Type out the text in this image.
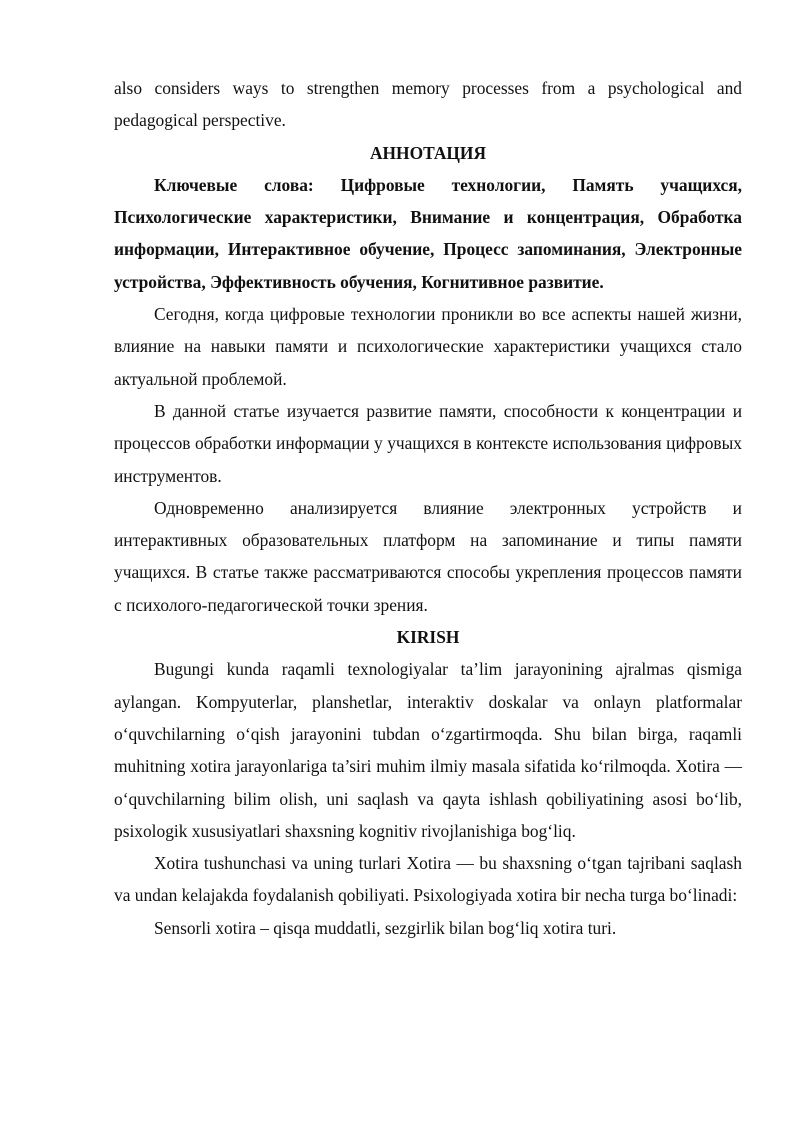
also considers ways to strengthen memory processes from a psychological and pedagogical perspective.

АННОТАЦИЯ

Ключевые слова: Цифровые технологии, Память учащихся, Психологические характеристики, Внимание и концентрация, Обработка информации, Интерактивное обучение, Процесс запоминания, Электронные устройства, Эффективность обучения, Когнитивное развитие.

Сегодня, когда цифровые технологии проникли во все аспекты нашей жизни, влияние на навыки памяти и психологические характеристики учащихся стало актуальной проблемой.

В данной статье изучается развитие памяти, способности к концентрации и процессов обработки информации у учащихся в контексте использования цифровых инструментов.

Одновременно анализируется влияние электронных устройств и интерактивных образовательных платформ на запоминание и типы памяти учащихся. В статье также рассматриваются способы укрепления процессов памяти с психолого-педагогической точки зрения.

KIRISH

Bugungi kunda raqamli texnologiyalar ta’lim jarayonining ajralmas qismiga aylangan. Kompyuterlar, planshetlar, interaktiv doskalar va onlayn platformalar o‘quvchilarning o‘qish jarayonini tubdan o‘zgartirmoqda. Shu bilan birga, raqamli muhitning xotira jarayonlariga ta’siri muhim ilmiy masala sifatida ko‘rilmoqda. Xotira — o‘quvchilarning bilim olish, uni saqlash va qayta ishlash qobiliyatining asosi bo‘lib, psixologik xususiyatlari shaxsning kognitiv rivojlanishiga bog‘liq.

Xotira tushunchasi va uning turlari Xotira — bu shaxsning o‘tgan tajribani saqlash va undan kelajakda foydalanish qobiliyati. Psixologiyada xotira bir necha turga bo‘linadi:

Sensorli xotira – qisqa muddatli, sezgirlik bilan bog‘liq xotira turi.
